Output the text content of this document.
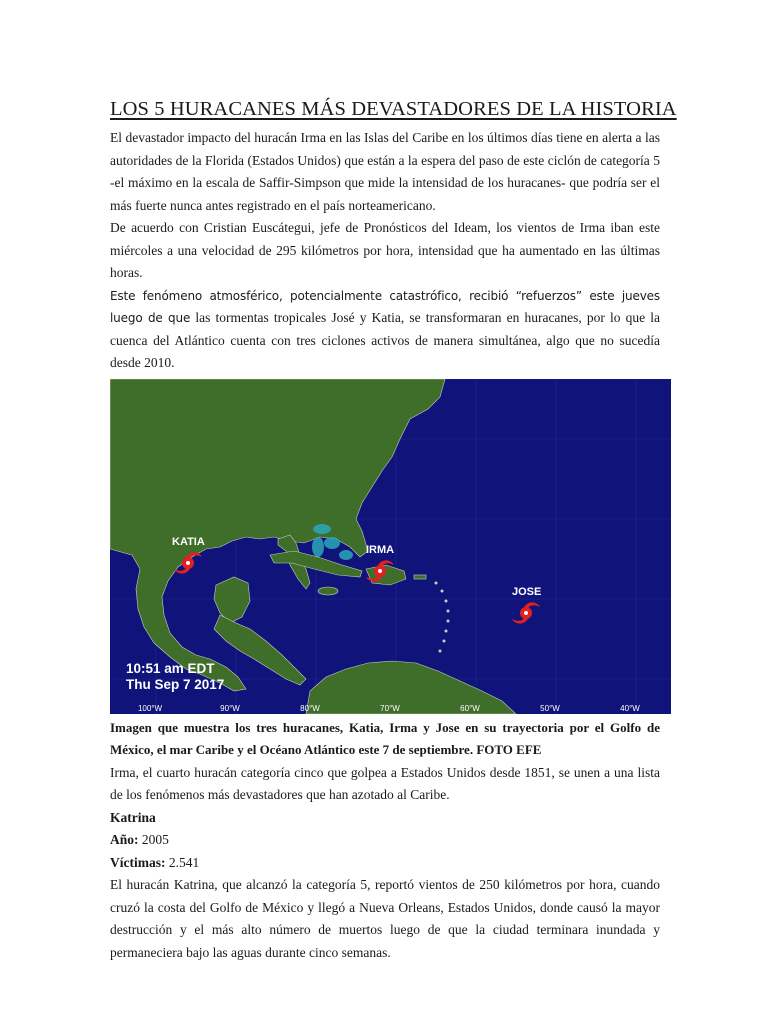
LOS 5 HURACANES MÁS DEVASTADORES DE LA HISTORIA

El devastador impacto del huracán Irma en las Islas del Caribe en los últimos días tiene en alerta a las autoridades de la Florida (Estados Unidos) que están a la espera del paso de este ciclón de categoría 5 -el máximo en la escala de Saffir-Simpson que mide la intensidad de los huracanes- que podría ser el más fuerte nunca antes registrado en el país norteamericano.

De acuerdo con Cristian Euscátegui, jefe de Pronósticos del Ideam, los vientos de Irma iban este miércoles a una velocidad de 295 kilómetros por hora, intensidad que ha aumentado en las últimas horas.

Este fenómeno atmosférico, potencialmente catastrófico, recibió “refuerzos” este jueves luego de que las tormentas tropicales José y Katia, se transformaran en huracanes, por lo que la cuenca del Atlántico cuenta con tres ciclones activos de manera simultánea, algo que no sucedía desde 2010.

KATIA
IRMA
JOSE
10:51 am EDT
Thu Sep 7 2017
100°W	90°W	80°W	70°W	60°W	50°W	40°W

Imagen que muestra los tres huracanes, Katia, Irma y Jose en su trayectoria por el Golfo de México, el mar Caribe y el Océano Atlántico este 7 de septiembre. FOTO EFE

Irma, el cuarto huracán categoría cinco que golpea a Estados Unidos desde 1851, se unen a una lista de los fenómenos más devastadores que han azotado al Caribe.

Katrina

Año: 2005

Víctimas: 2.541

El huracán Katrina, que alcanzó la categoría 5, reportó vientos de 250 kilómetros por hora, cuando cruzó la costa del Golfo de México y llegó a Nueva Orleans, Estados Unidos, donde causó la mayor destrucción y el más alto número de muertos luego de que la ciudad terminara inundada y permaneciera bajo las aguas durante cinco semanas.
